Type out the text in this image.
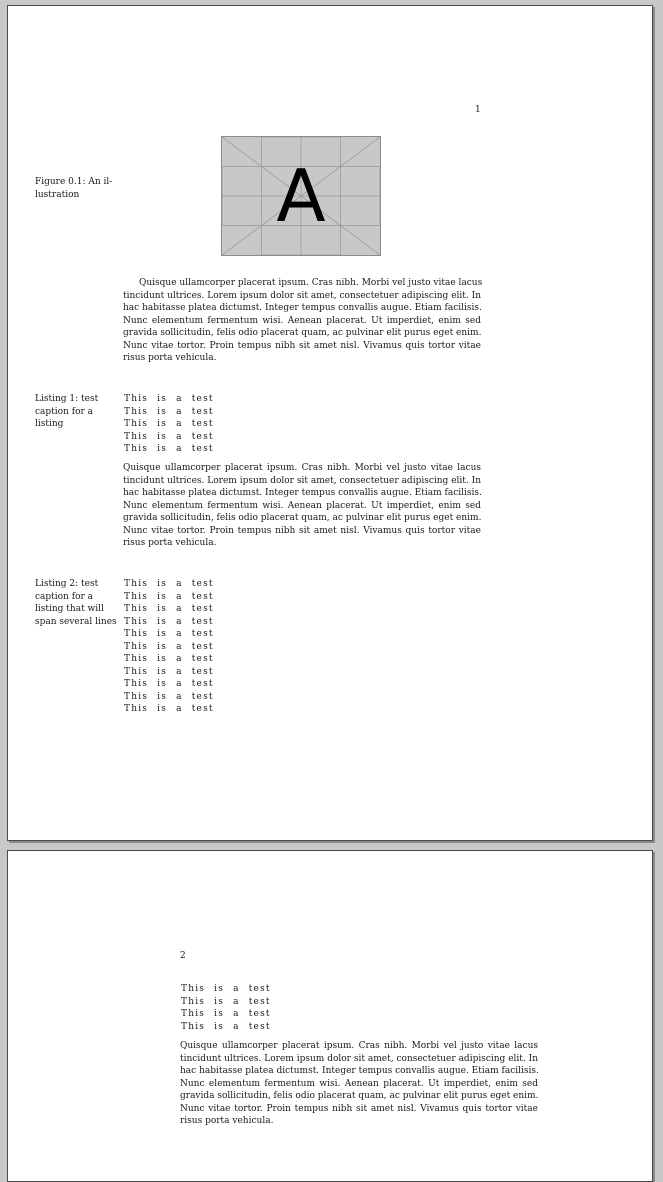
1

Figure 0.1: An il-
lustration	A
Quisque ullamcorper placerat ipsum. Cras nibh. Morbi vel justo vitae lacus
tincidunt ultrices. Lorem ipsum dolor sit amet, consectetuer adipiscing elit. In
hac habitasse platea dictumst. Integer tempus convallis augue. Etiam facilisis.
Nunc elementum fermentum wisi. Aenean placerat. Ut imperdiet, enim sed
gravida sollicitudin, felis odio placerat quam, ac pulvinar elit purus eget enim.
Nunc vitae tortor. Proin tempus nibh sit amet nisl. Vivamus quis tortor vitae
risus porta vehicula.

Listing 1: test
caption for a
listing

This is a test
This is a test
This is a test
This is a test
This is a test
Quisque ullamcorper placerat ipsum. Cras nibh. Morbi vel justo vitae lacus
tincidunt ultrices. Lorem ipsum dolor sit amet, consectetuer adipiscing elit. In
hac habitasse platea dictumst. Integer tempus convallis augue. Etiam facilisis.
Nunc elementum fermentum wisi. Aenean placerat. Ut imperdiet, enim sed
gravida sollicitudin, felis odio placerat quam, ac pulvinar elit purus eget enim.
Nunc vitae tortor. Proin tempus nibh sit amet nisl. Vivamus quis tortor vitae
risus porta vehicula.

Listing 2: test
caption for a
listing that will
span several lines

This is a test
This is a test
This is a test
This is a test
This is a test
This is a test
This is a test
This is a test
This is a test
This is a test
This is a test
2
This is a test
This is a test
This is a test
This is a test
Quisque ullamcorper placerat ipsum. Cras nibh. Morbi vel justo vitae lacus
tincidunt ultrices. Lorem ipsum dolor sit amet, consectetuer adipiscing elit. In
hac habitasse platea dictumst. Integer tempus convallis augue. Etiam facilisis.
Nunc elementum fermentum wisi. Aenean placerat. Ut imperdiet, enim sed
gravida sollicitudin, felis odio placerat quam, ac pulvinar elit purus eget enim.
Nunc vitae tortor. Proin tempus nibh sit amet nisl. Vivamus quis tortor vitae
risus porta vehicula.
